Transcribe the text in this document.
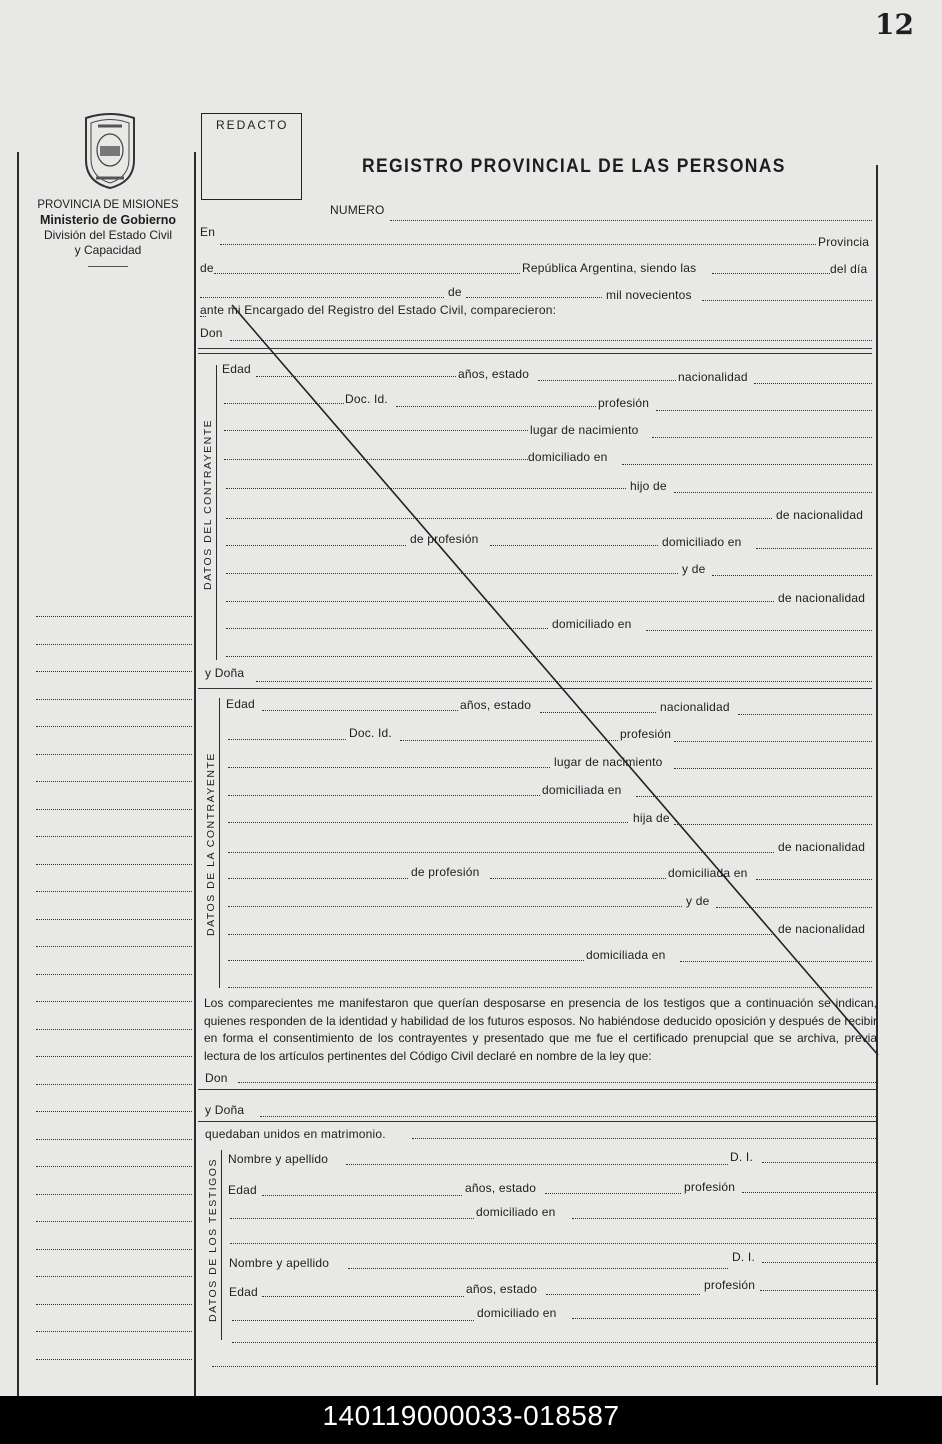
12
PROVINCIA DE MISIONES
Ministerio de Gobierno
División del Estado Civil
y Capacidad
REDACTO
REGISTRO PROVINCIAL DE LAS PERSONAS
NUMERO
En
Provincia
de	República Argentina, siendo las	del día
de	mil novecientos
ante mi Encargado del Registro del Estado Civil, comparecieron:
Don
DATOS DEL CONTRAYENTE
Edad	años, estado	nacionalidad
Doc. Id.	profesión
lugar de nacimiento
domiciliado en
hijo de
de nacionalidad
de profesión	domiciliado en
y de
de nacionalidad
domiciliado en
y Doña
DATOS DE LA CONTRAYENTE
Edad	años, estado	nacionalidad
Doc. Id.	profesión
lugar de nacimiento
domiciliada en
hija de
de nacionalidad
de profesión	domiciliada en
y de
de nacionalidad
domiciliada en
Los comparecientes me manifestaron que querían desposarse en presencia de los testigos que a continuación se indican, quienes responden de la identidad y habilidad de los futuros esposos. No habiéndose deducido oposición y después de recibir en forma el consentimiento de los contrayentes y presentado que me fue el certificado prenupcial que se archiva, previa lectura de los artículos pertinentes del Código Civil declaré en nombre de la ley que:
Don
y Doña
quedaban unidos en matrimonio.
DATOS DE LOS TESTIGOS Nombre y apellido	D. I.
Edad	años, estado	profesión
domiciliado en
Nombre y apellido	D. I.
Edad	años, estado	profesión
domiciliado en
140119000033-018587
